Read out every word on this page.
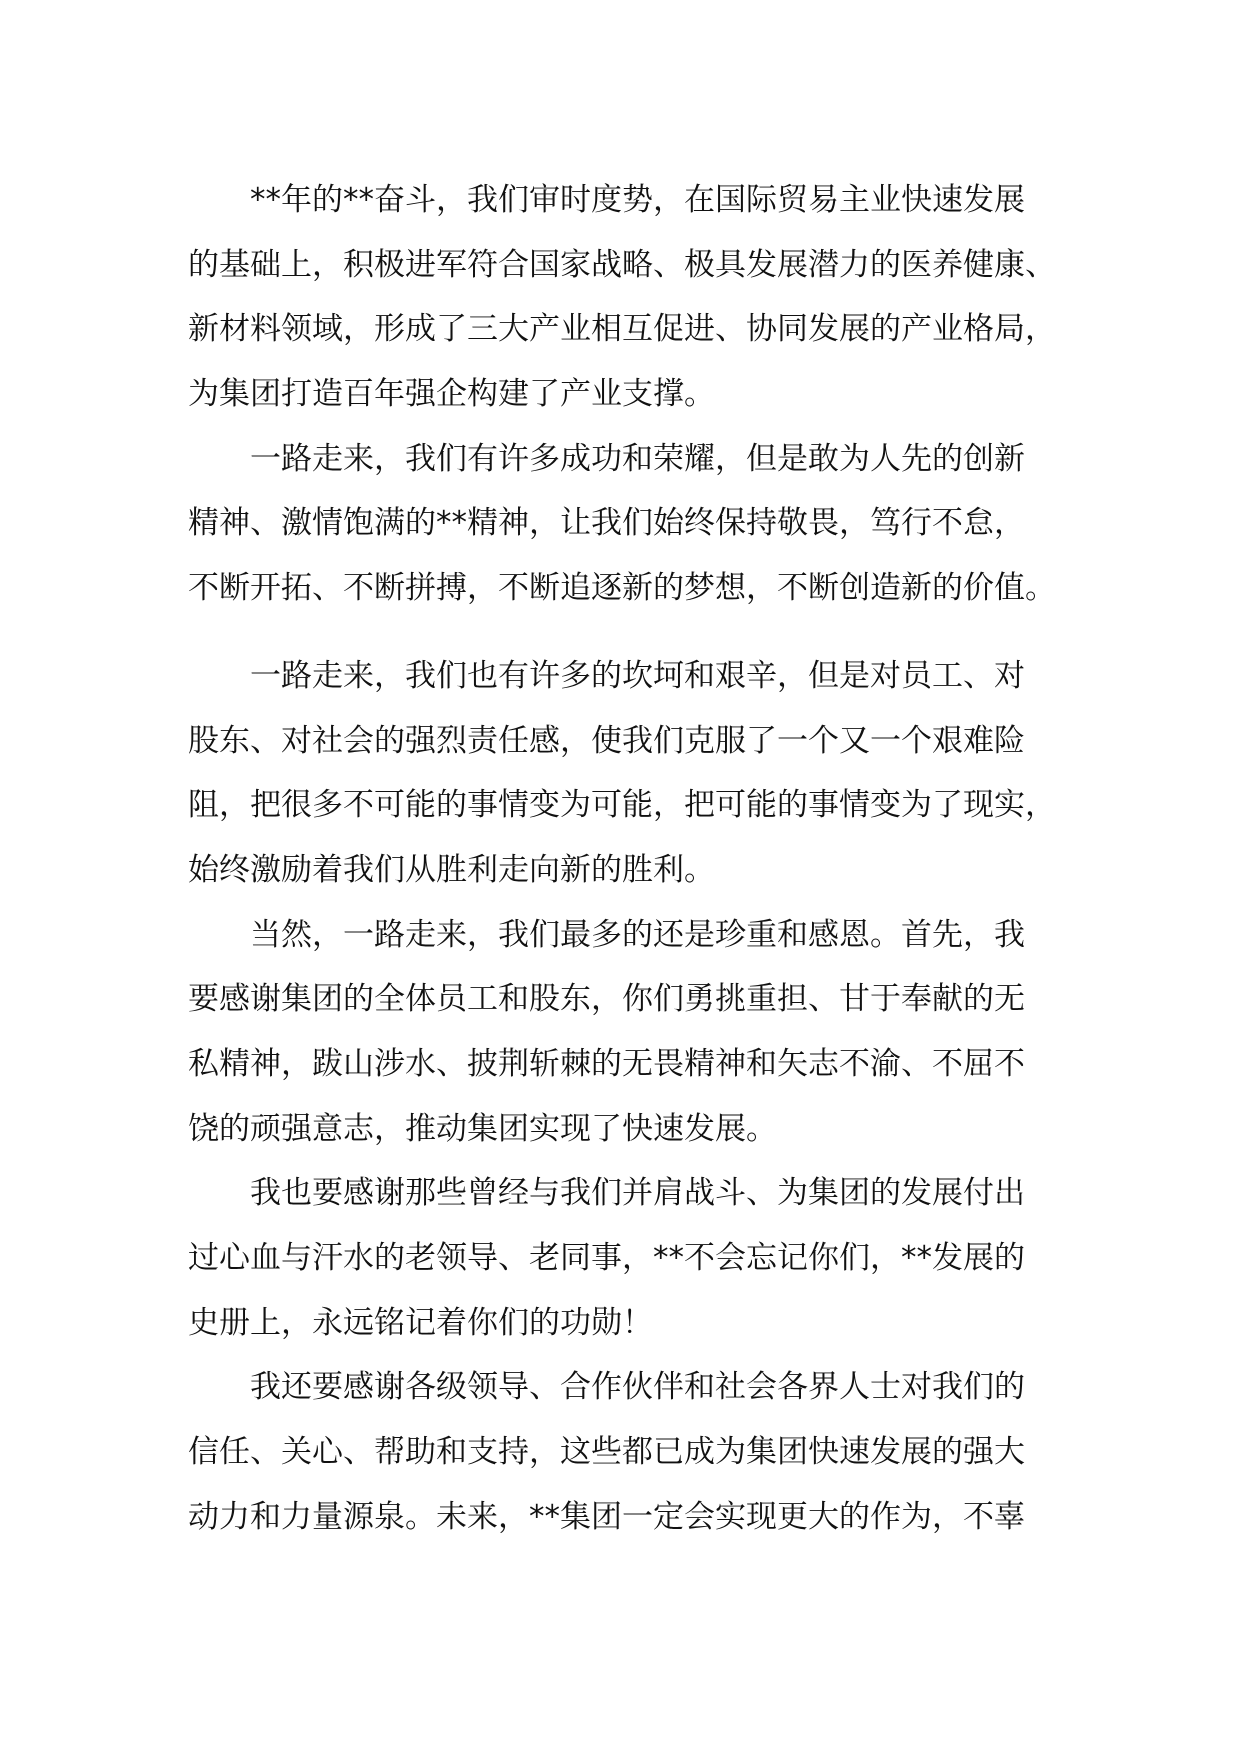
**年的**奋斗，我们审时度势，在国际贸易主业快速发展
的基础上，积极进军符合国家战略、极具发展潜力的医养健康、
新材料领域，形成了三大产业相互促进、协同发展的产业格局，
为集团打造百年强企构建了产业支撑。
一路走来，我们有许多成功和荣耀，但是敢为人先的创新
精神、激情饱满的**精神，让我们始终保持敬畏，笃行不怠，
不断开拓、不断拼搏，不断追逐新的梦想，不断创造新的价值。
一路走来，我们也有许多的坎坷和艰辛，但是对员工、对
股东、对社会的强烈责任感，使我们克服了一个又一个艰难险
阻，把很多不可能的事情变为可能，把可能的事情变为了现实，
始终激励着我们从胜利走向新的胜利。
当然，一路走来，我们最多的还是珍重和感恩。首先，我
要感谢集团的全体员工和股东，你们勇挑重担、甘于奉献的无
私精神，跋山涉水、披荆斩棘的无畏精神和矢志不渝、不屈不
饶的顽强意志，推动集团实现了快速发展。
我也要感谢那些曾经与我们并肩战斗、为集团的发展付出
过心血与汗水的老领导、老同事，**不会忘记你们，**发展的
史册上，永远铭记着你们的功勋！
我还要感谢各级领导、合作伙伴和社会各界人士对我们的
信任、关心、帮助和支持，这些都已成为集团快速发展的强大
动力和力量源泉。未来，**集团一定会实现更大的作为，不辜
